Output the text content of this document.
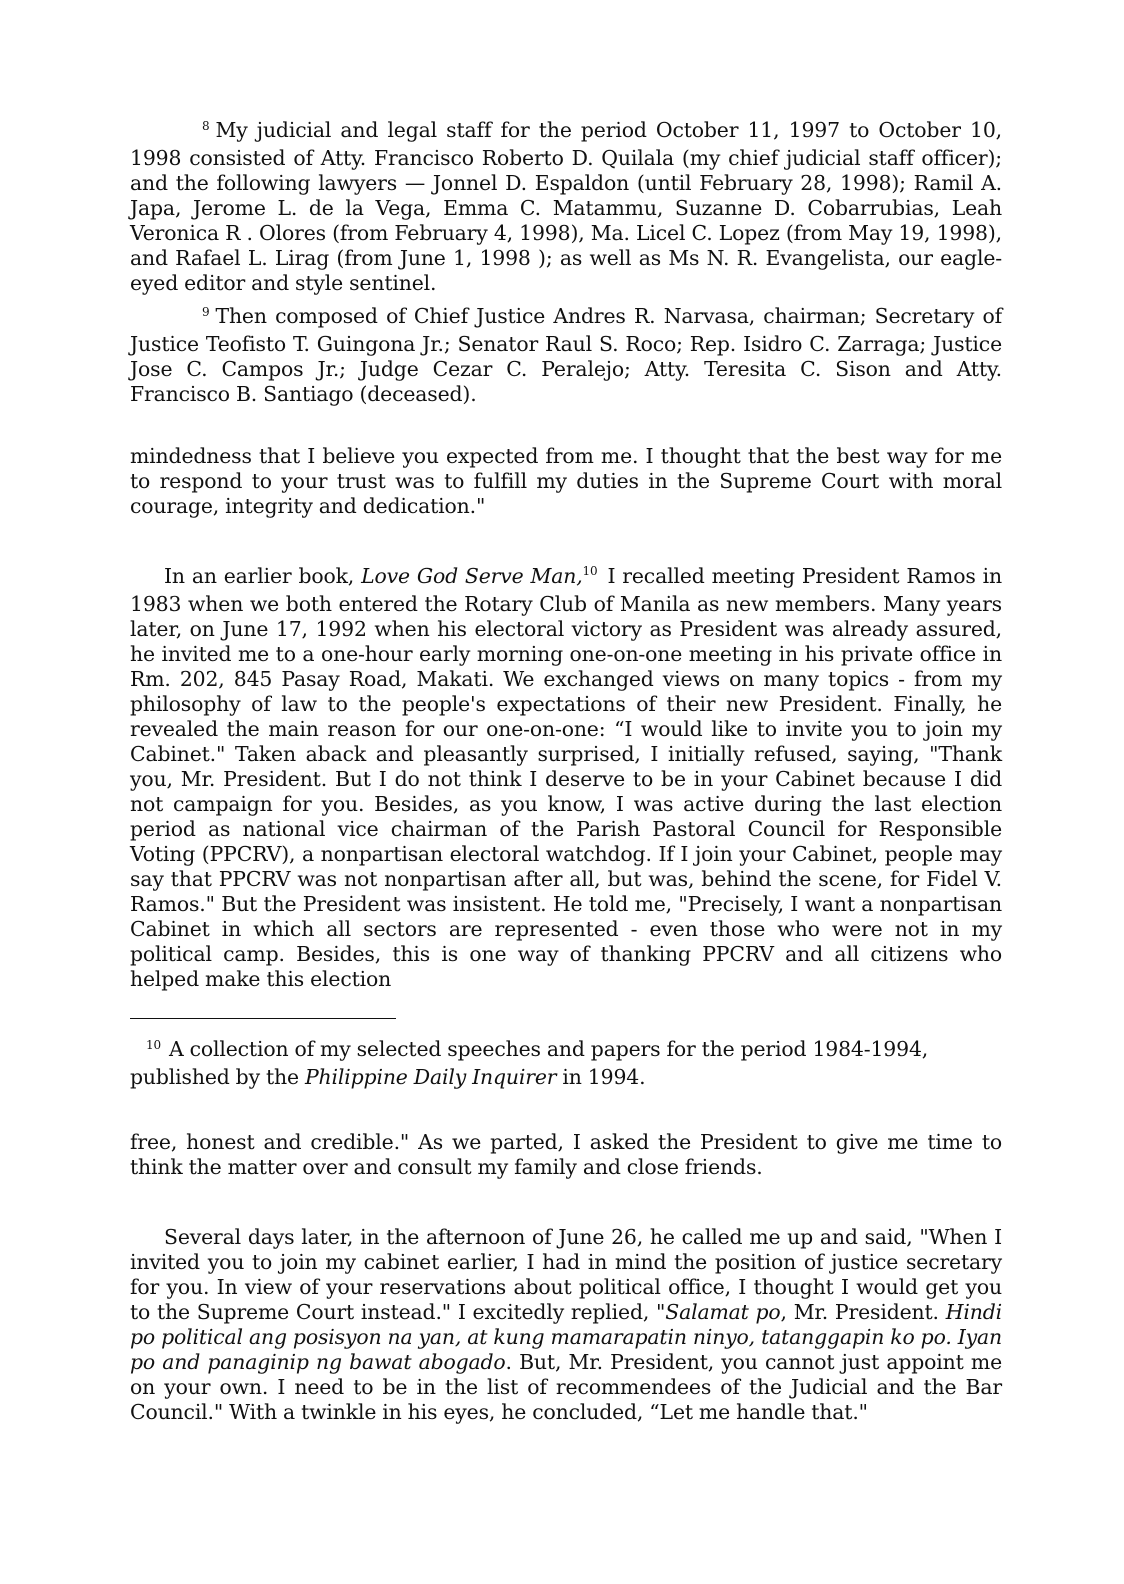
$^8$ My judicial and legal staff for the period October 11, 1997 to October 10, 1998 consisted of Atty. Francisco Roberto D. Quilala (my chief judicial staff officer); and the following lawyers — Jonnel D. Espaldon (until February 28, 1998); Ramil A. Japa, Jerome L. de la Vega, Emma C. Matammu, Suzanne D. Cobarrubias, Leah Veronica R . Olores (from February 4, 1998), Ma. Licel C. Lopez (from May 19, 1998), and Rafael L. Lirag (from June 1, 1998 ); as well as Ms N. R. Evangelista, our eagle-eyed editor and style sentinel.

$^9$ Then composed of Chief Justice Andres R. Narvasa, chairman; Secretary of Justice Teofisto T. Guingona Jr.; Senator Raul S. Roco; Rep. Isidro C. Zarraga; Justice Jose C. Campos Jr.; Judge Cezar C. Peralejo; Atty. Teresita C. Sison and Atty. Francisco B. Santiago (deceased).

mindedness that I believe you expected from me. I thought that the best way for me to respond to your trust was to fulfill my duties in the Supreme Court with moral courage, integrity and dedication."

In an earlier book, Love God Serve Man,$^{10}$ I recalled meeting President Ramos in 1983 when we both entered the Rotary Club of Manila as new members. Many years later, on June 17, 1992 when his electoral victory as President was already assured, he invited me to a one-hour early morning one-on-one meeting in his private office in Rm. 202, 845 Pasay Road, Makati. We exchanged views on many topics - from my philosophy of law to the people's expectations of their new President. Finally, he revealed the main reason for our one-on-one: “I would like to invite you to join my Cabinet." Taken aback and pleasantly surprised, I initially refused, saying, "Thank you, Mr. President. But I do not think I deserve to be in your Cabinet because I did not campaign for you. Besides, as you know, I was active during the last election period as national vice chairman of the Parish Pastoral Council for Responsible Voting (PPCRV), a nonpartisan electoral watchdog. If I join your Cabinet, people may say that PPCRV was not nonpartisan after all, but was, behind the scene, for Fidel V. Ramos." But the President was insistent. He told me, "Precisely, I want a nonpartisan Cabinet in which all sectors are represented - even those who were not in my political camp. Besides, this is one way of thanking PPCRV and all citizens who helped make this election

$^{10}$ A collection of my selected speeches and papers for the period 1984-1994, published by the Philippine Daily Inquirer in 1994.

free, honest and credible." As we parted, I asked the President to give me time to think the matter over and consult my family and close friends.

Several days later, in the afternoon of June 26, he called me up and said, "When I invited you to join my cabinet earlier, I had in mind the position of justice secretary for you. In view of your reservations about political office, I thought I would get you to the Supreme Court instead." I excitedly replied, "Salamat po, Mr. President. Hindi po political ang posisyon na yan, at kung mamarapatin ninyo, tatanggapin ko po. Iyan po and panaginip ng bawat abogado. But, Mr. President, you cannot just appoint me on your own. I need to be in the list of recommendees of the Judicial and the Bar Council." With a twinkle in his eyes, he concluded, “Let me handle that."
